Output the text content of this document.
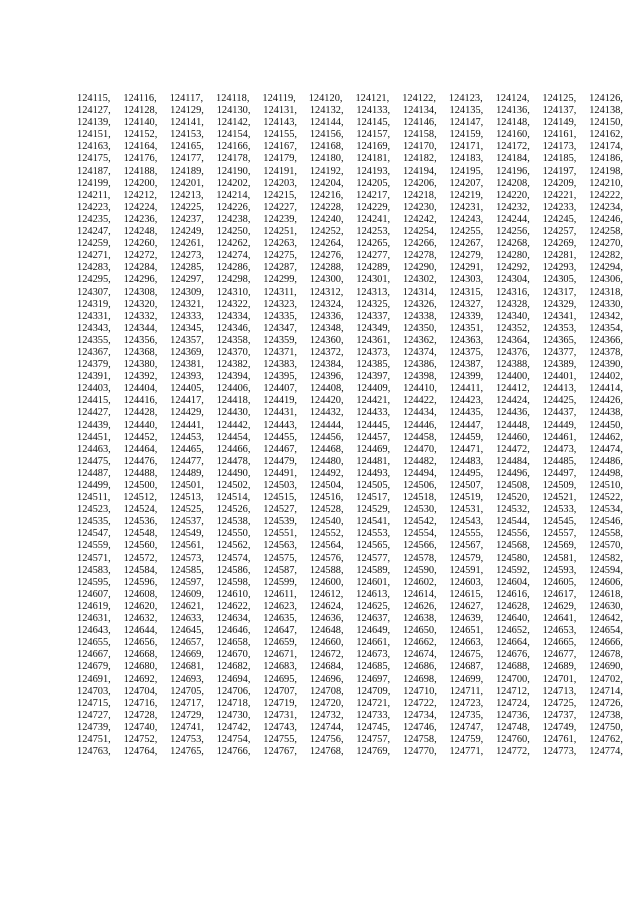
124115, 124116, 124117, 124118, 124119, 124120, 124121, 124122, 124123, 124124, 124125, 124126,
124127, 124128, 124129, 124130, 124131, 124132, 124133, 124134, 124135, 124136, 124137, 124138,
124139, 124140, 124141, 124142, 124143, 124144, 124145, 124146, 124147, 124148, 124149, 124150,
124151, 124152, 124153, 124154, 124155, 124156, 124157, 124158, 124159, 124160, 124161, 124162,
124163, 124164, 124165, 124166, 124167, 124168, 124169, 124170, 124171, 124172, 124173, 124174,
124175, 124176, 124177, 124178, 124179, 124180, 124181, 124182, 124183, 124184, 124185, 124186,
124187, 124188, 124189, 124190, 124191, 124192, 124193, 124194, 124195, 124196, 124197, 124198,
124199, 124200, 124201, 124202, 124203, 124204, 124205, 124206, 124207, 124208, 124209, 124210,
124211, 124212, 124213, 124214, 124215, 124216, 124217, 124218, 124219, 124220, 124221, 124222,
124223, 124224, 124225, 124226, 124227, 124228, 124229, 124230, 124231, 124232, 124233, 124234,
124235, 124236, 124237, 124238, 124239, 124240, 124241, 124242, 124243, 124244, 124245, 124246,
124247, 124248, 124249, 124250, 124251, 124252, 124253, 124254, 124255, 124256, 124257, 124258,
124259, 124260, 124261, 124262, 124263, 124264, 124265, 124266, 124267, 124268, 124269, 124270,
124271, 124272, 124273, 124274, 124275, 124276, 124277, 124278, 124279, 124280, 124281, 124282,
124283, 124284, 124285, 124286, 124287, 124288, 124289, 124290, 124291, 124292, 124293, 124294,
124295, 124296, 124297, 124298, 124299, 124300, 124301, 124302, 124303, 124304, 124305, 124306,
124307, 124308, 124309, 124310, 124311, 124312, 124313, 124314, 124315, 124316, 124317, 124318,
124319, 124320, 124321, 124322, 124323, 124324, 124325, 124326, 124327, 124328, 124329, 124330,
124331, 124332, 124333, 124334, 124335, 124336, 124337, 124338, 124339, 124340, 124341, 124342,
124343, 124344, 124345, 124346, 124347, 124348, 124349, 124350, 124351, 124352, 124353, 124354,
124355, 124356, 124357, 124358, 124359, 124360, 124361, 124362, 124363, 124364, 124365, 124366,
124367, 124368, 124369, 124370, 124371, 124372, 124373, 124374, 124375, 124376, 124377, 124378,
124379, 124380, 124381, 124382, 124383, 124384, 124385, 124386, 124387, 124388, 124389, 124390,
124391, 124392, 124393, 124394, 124395, 124396, 124397, 124398, 124399, 124400, 124401, 124402,
124403, 124404, 124405, 124406, 124407, 124408, 124409, 124410, 124411, 124412, 124413, 124414,
124415, 124416, 124417, 124418, 124419, 124420, 124421, 124422, 124423, 124424, 124425, 124426,
124427, 124428, 124429, 124430, 124431, 124432, 124433, 124434, 124435, 124436, 124437, 124438,
124439, 124440, 124441, 124442, 124443, 124444, 124445, 124446, 124447, 124448, 124449, 124450,
124451, 124452, 124453, 124454, 124455, 124456, 124457, 124458, 124459, 124460, 124461, 124462,
124463, 124464, 124465, 124466, 124467, 124468, 124469, 124470, 124471, 124472, 124473, 124474,
124475, 124476, 124477, 124478, 124479, 124480, 124481, 124482, 124483, 124484, 124485, 124486,
124487, 124488, 124489, 124490, 124491, 124492, 124493, 124494, 124495, 124496, 124497, 124498,
124499, 124500, 124501, 124502, 124503, 124504, 124505, 124506, 124507, 124508, 124509, 124510,
124511, 124512, 124513, 124514, 124515, 124516, 124517, 124518, 124519, 124520, 124521, 124522,
124523, 124524, 124525, 124526, 124527, 124528, 124529, 124530, 124531, 124532, 124533, 124534,
124535, 124536, 124537, 124538, 124539, 124540, 124541, 124542, 124543, 124544, 124545, 124546,
124547, 124548, 124549, 124550, 124551, 124552, 124553, 124554, 124555, 124556, 124557, 124558,
124559, 124560, 124561, 124562, 124563, 124564, 124565, 124566, 124567, 124568, 124569, 124570,
124571, 124572, 124573, 124574, 124575, 124576, 124577, 124578, 124579, 124580, 124581, 124582,
124583, 124584, 124585, 124586, 124587, 124588, 124589, 124590, 124591, 124592, 124593, 124594,
124595, 124596, 124597, 124598, 124599, 124600, 124601, 124602, 124603, 124604, 124605, 124606,
124607, 124608, 124609, 124610, 124611, 124612, 124613, 124614, 124615, 124616, 124617, 124618,
124619, 124620, 124621, 124622, 124623, 124624, 124625, 124626, 124627, 124628, 124629, 124630,
124631, 124632, 124633, 124634, 124635, 124636, 124637, 124638, 124639, 124640, 124641, 124642,
124643, 124644, 124645, 124646, 124647, 124648, 124649, 124650, 124651, 124652, 124653, 124654,
124655, 124656, 124657, 124658, 124659, 124660, 124661, 124662, 124663, 124664, 124665, 124666,
124667, 124668, 124669, 124670, 124671, 124672, 124673, 124674, 124675, 124676, 124677, 124678,
124679, 124680, 124681, 124682, 124683, 124684, 124685, 124686, 124687, 124688, 124689, 124690,
124691, 124692, 124693, 124694, 124695, 124696, 124697, 124698, 124699, 124700, 124701, 124702,
124703, 124704, 124705, 124706, 124707, 124708, 124709, 124710, 124711, 124712, 124713, 124714,
124715, 124716, 124717, 124718, 124719, 124720, 124721, 124722, 124723, 124724, 124725, 124726,
124727, 124728, 124729, 124730, 124731, 124732, 124733, 124734, 124735, 124736, 124737, 124738,
124739, 124740, 124741, 124742, 124743, 124744, 124745, 124746, 124747, 124748, 124749, 124750,
124751, 124752, 124753, 124754, 124755, 124756, 124757, 124758, 124759, 124760, 124761, 124762,
124763, 124764, 124765, 124766, 124767, 124768, 124769, 124770, 124771, 124772, 124773, 124774,
